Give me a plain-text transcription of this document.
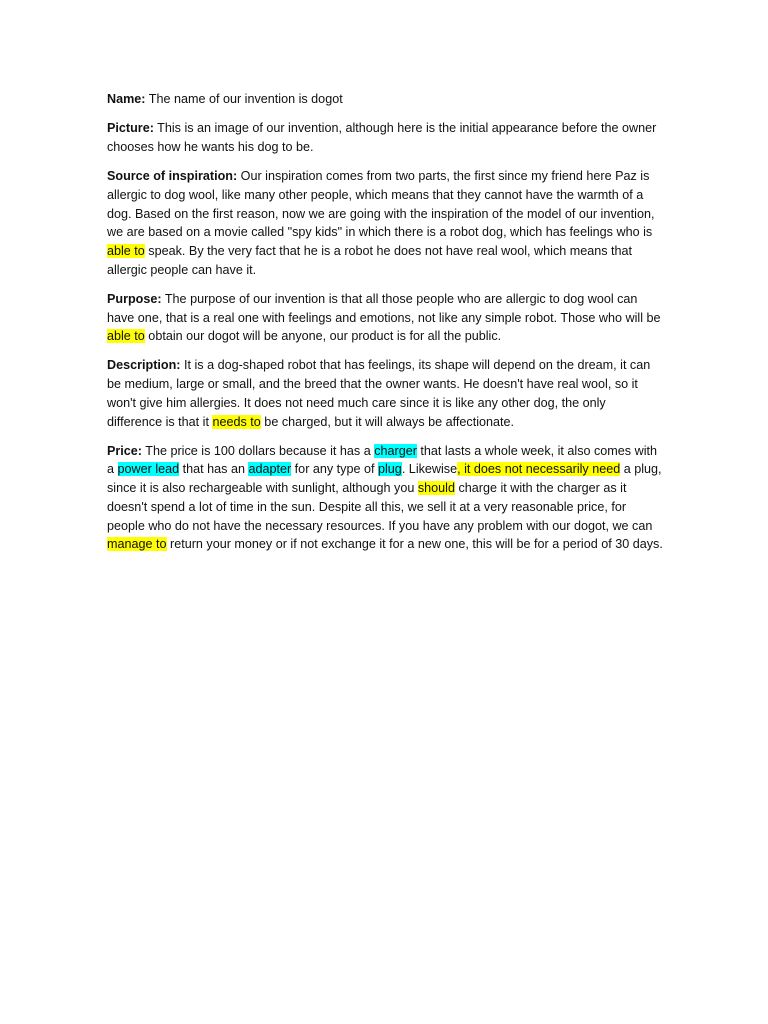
Name: The name of our invention is dogot

Picture: This is an image of our invention, although here is the initial appearance before the owner chooses how he wants his dog to be.

Source of inspiration: Our inspiration comes from two parts, the first since my friend here Paz is allergic to dog wool, like many other people, which means that they cannot have the warmth of a dog. Based on the first reason, now we are going with the inspiration of the model of our invention, we are based on a movie called "spy kids" in which there is a robot dog, which has feelings who is able to speak. By the very fact that he is a robot he does not have real wool, which means that allergic people can have it.

Purpose: The purpose of our invention is that all those people who are allergic to dog wool can have one, that is a real one with feelings and emotions, not like any simple robot. Those who will be able to obtain our dogot will be anyone, our product is for all the public.

Description: It is a dog-shaped robot that has feelings, its shape will depend on the dream, it can be medium, large or small, and the breed that the owner wants. He doesn't have real wool, so it won't give him allergies. It does not need much care since it is like any other dog, the only difference is that it needs to be charged, but it will always be affectionate.

Price: The price is 100 dollars because it has a charger that lasts a whole week, it also comes with a power lead that has an adapter for any type of plug. Likewise, it does not necessarily need a plug, since it is also rechargeable with sunlight, although you should charge it with the charger as it doesn't spend a lot of time in the sun. Despite all this, we sell it at a very reasonable price, for people who do not have the necessary resources. If you have any problem with our dogot, we can manage to return your money or if not exchange it for a new one, this will be for a period of 30 days.
